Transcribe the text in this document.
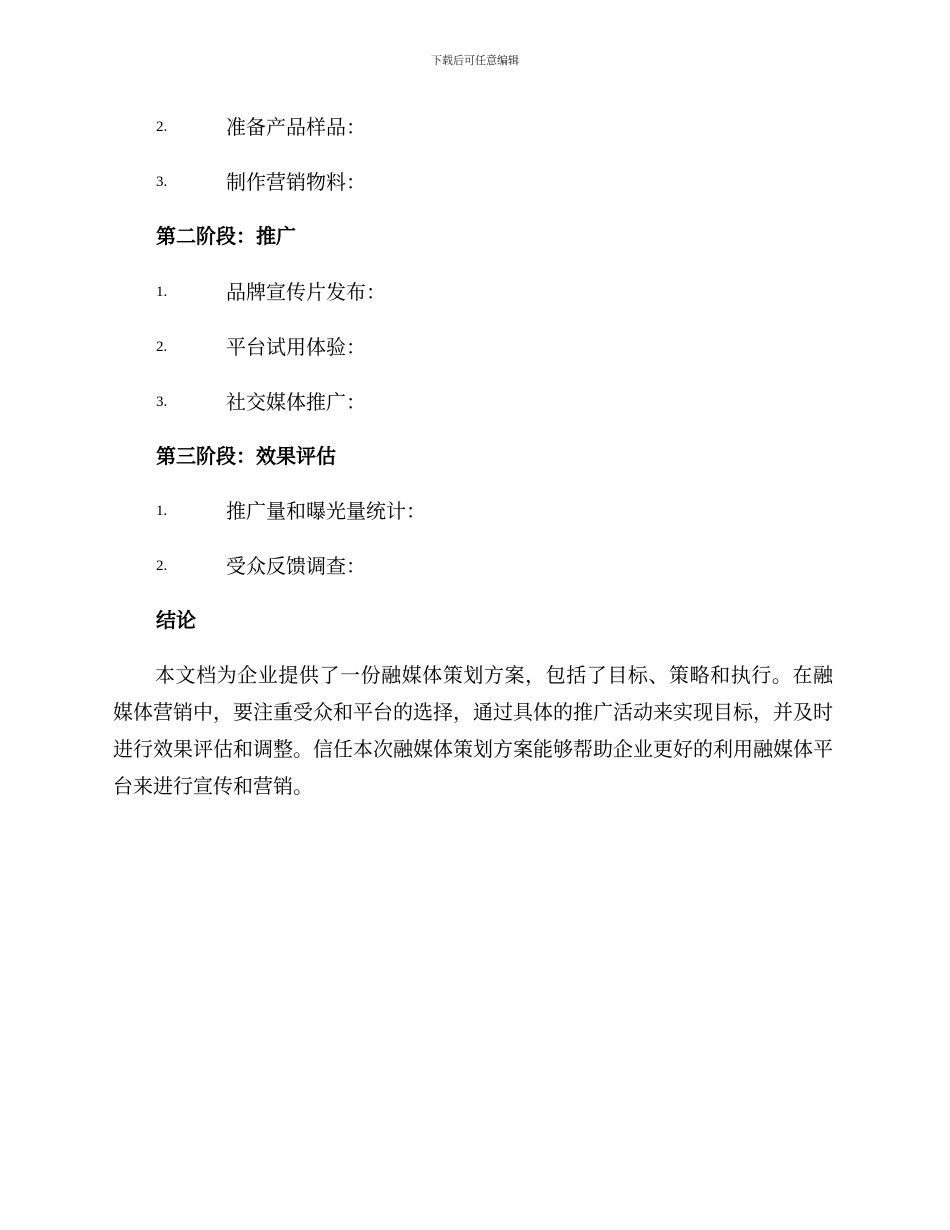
下载后可任意编辑
2.	准备产品样品：
3.	制作营销物料：
第二阶段：推广
1.	品牌宣传片发布：
2.	平台试用体验：
3.	社交媒体推广：
第三阶段：效果评估
1.	推广量和曝光量统计：
2.	受众反馈调查：
结论

本文档为企业提供了一份融媒体策划方案，包括了目标、策略和执行。在融媒体营销中，要注重受众和平台的选择，通过具体的推广活动来实现目标，并及时进行效果评估和调整。信任本次融媒体策划方案能够帮助企业更好的利用融媒体平台来进行宣传和营销。
